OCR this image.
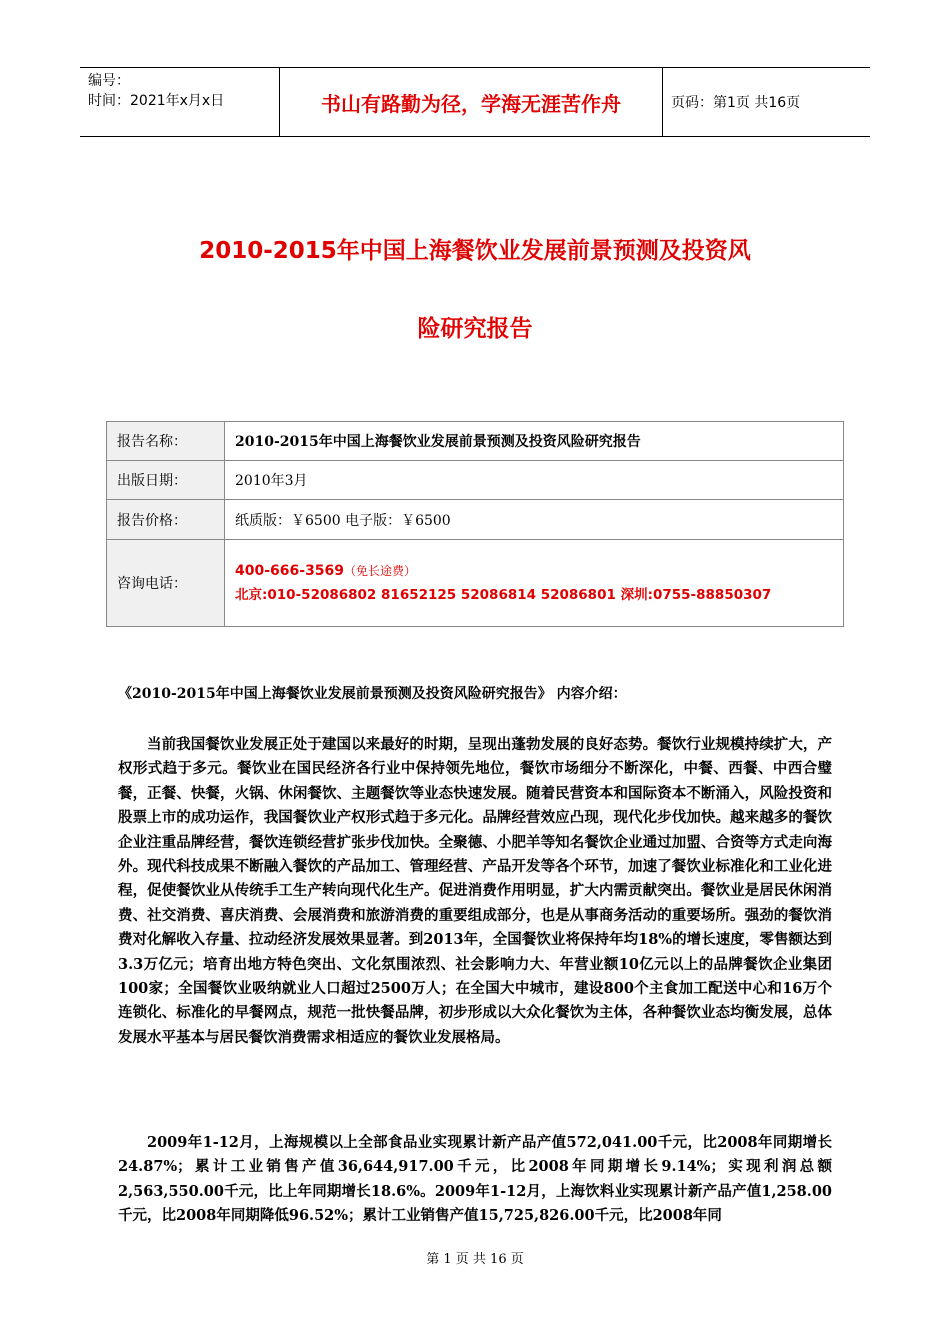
编号：
时间：2021年x月x日	书山有路勤为径，学海无涯苦作舟	页码：第1页 共16页
2010-2015年中国上海餐饮业发展前景预测及投资风
险研究报告
报告名称：	2010-2015年中国上海餐饮业发展前景预测及投资风险研究报告
出版日期：	2010年3月
报告价格：	纸质版：￥6500 电子版：￥6500
咨询电话：	400-666-3569（免长途费）
北京:010-52086802 81652125 52086814 52086801 深圳:0755-88850307
《2010-2015年中国上海餐饮业发展前景预测及投资风险研究报告》 内容介绍：
当前我国餐饮业发展正处于建国以来最好的时期，呈现出蓬勃发展的良好态势。餐饮行业规模持续扩大，产权形式趋于多元。餐饮业在国民经济各行业中保持领先地位，餐饮市场细分不断深化，中餐、西餐、中西合璧餐，正餐、快餐，火锅、休闲餐饮、主题餐饮等业态快速发展。随着民营资本和国际资本不断涌入，风险投资和股票上市的成功运作，我国餐饮业产权形式趋于多元化。品牌经营效应凸现，现代化步伐加快。越来越多的餐饮企业注重品牌经营，餐饮连锁经营扩张步伐加快。全聚德、小肥羊等知名餐饮企业通过加盟、合资等方式走向海外。现代科技成果不断融入餐饮的产品加工、管理经营、产品开发等各个环节，加速了餐饮业标准化和工业化进程，促使餐饮业从传统手工生产转向现代化生产。促进消费作用明显，扩大内需贡献突出。餐饮业是居民休闲消费、社交消费、喜庆消费、会展消费和旅游消费的重要组成部分，也是从事商务活动的重要场所。强劲的餐饮消费对化解收入存量、拉动经济发展效果显著。到2013年，全国餐饮业将保持年均18%的增长速度，零售额达到3.3万亿元；培育出地方特色突出、文化氛围浓烈、社会影响力大、年营业额10亿元以上的品牌餐饮企业集团100家；全国餐饮业吸纳就业人口超过2500万人；在全国大中城市，建设800个主食加工配送中心和16万个连锁化、标准化的早餐网点，规范一批快餐品牌，初步形成以大众化餐饮为主体，各种餐饮业态均衡发展，总体发展水平基本与居民餐饮消费需求相适应的餐饮业发展格局。
2009年1-12月，上海规模以上全部食品业实现累计新产品产值572,041.00千元，比2008年同期增长24.87%；累计工业销售产值36,644,917.00千元，比2008年同期增长9.14%；实现利润总额2,563,550.00千元，比上年同期增长18.6%。2009年1-12月，上海饮料业实现累计新产品产值1,258.00千元，比2008年同期降低96.52%；累计工业销售产值15,725,826.00千元，比2008年同
第 1 页 共 16 页
